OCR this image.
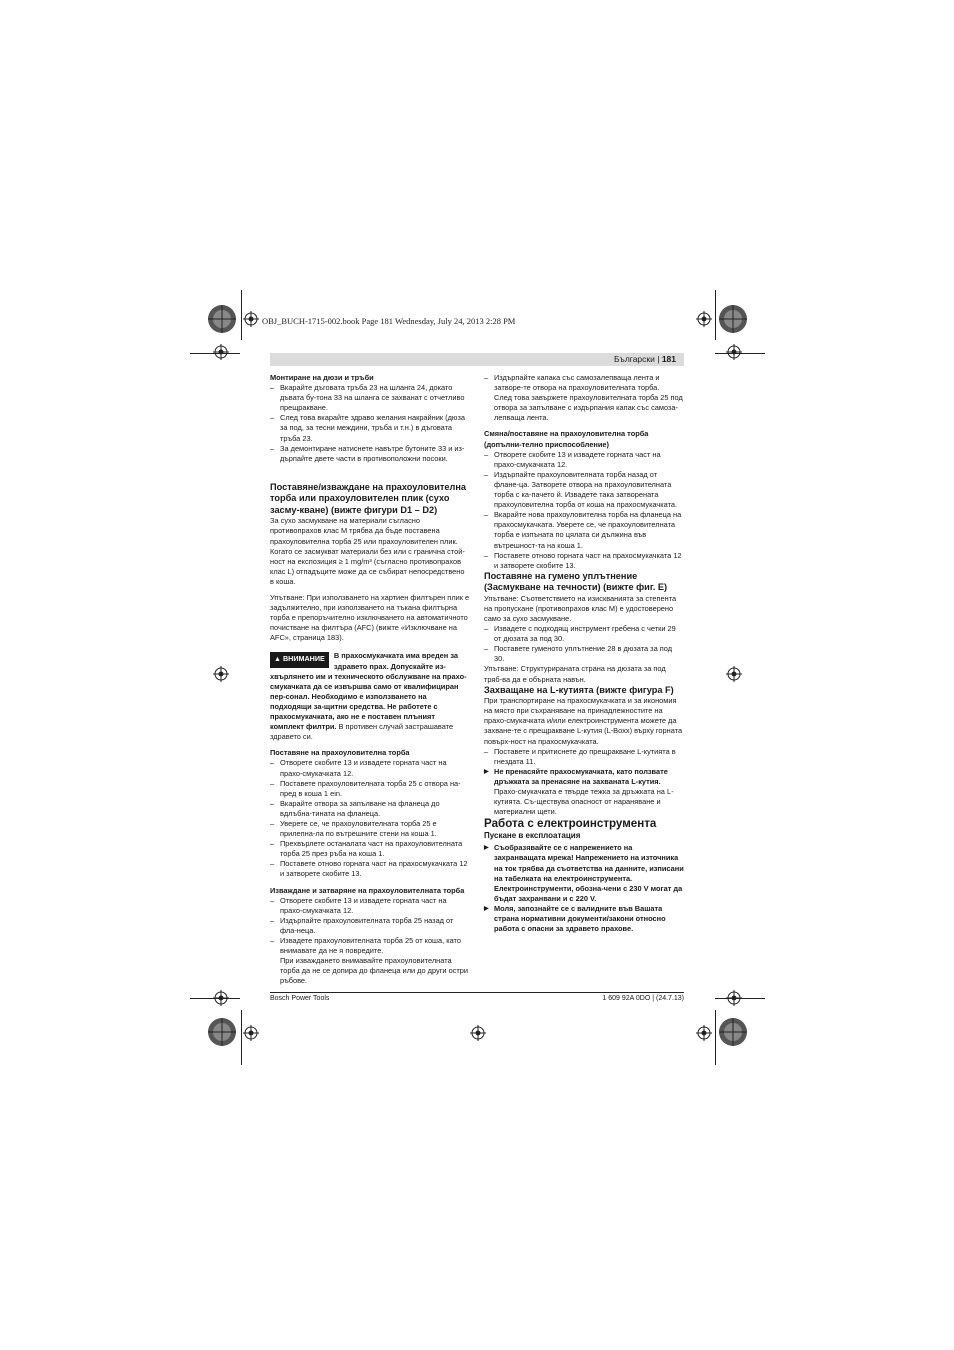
OBJ_BUCH-1715-002.book Page 181 Wednesday, July 24, 2013 2:28 PM
Български | 181

Монтиране на дюзи и тръби

– Вкарайте дъговата тръба 23 на шланга 24, докато дъвата бу-тона 33 на шланга се захванат с отчетливо прещракване.
– След това вкарайте здраво желания накрайник (дюза за под, за тесни междини, тръба и т.н.) в дъговата тръба 23.
– За демонтиране натиснете навътре бутоните 33 и из-дърпайте двете части в противоположни посоки.

Поставяне/изваждане на прахоуловителна торба или прахоуловителен плик (сухо засму-кване) (вижте фигури D1 – D2)

За сухо засмукване на материали съгласно противопрахов клас M трябва да бъде поставена прахоуловителна торба 25 или прахоуловителен плик.

Когато се засмукват материали без или с гранична стой-ност на експозиция ≥ 1 mg/m³ (съгласно противопрахов клас L) отпадъците може да се събират непосредствено в коша.

Упътване: При използването на хартиен филтърен плик е задължително, при използването на тъкана филтърна торба е препоръчително изключването на автоматичното почистване на филтъра (AFC) (вижте «Изключване на AFC», страница 183).

▲ ВНИМАНИЕ	В прахосмукачката има вреден за здравето прах. Допускайте из-хвърлянето им и техническото обслужване на прахо-смукачката да се извършва само от квалифициран пер-сонал. Необходимо е използването на подходящи за-щитни средства. Не работете с прахосмукачката, ако не е поставен плъният комплект филтри. В противен случай застрашавате здравето си.

Поставяне на прахоуловителна торба

– Отворете скобите 13 и извадете горната част на прахо-смукачката 12.
– Поставете прахоуловителната торба 25 с отвора на-пред в коша 1 ein.
– Вкарайте отвора за запълване на фланеца до вдлъбна-тината на фланеца.
– Уверете се, че прахоуловителната торба 25 е прилепна-ла по вътрешните стени на коша 1.
– Прехвърлете останалата част на прахоуловителната торба 25 през ръба на коша 1.
– Поставете отново горната част на прахосмукачката 12 и затворете скобите 13.

Изваждане и затваряне на прахоуловителната торба

– Отворете скобите 13 и извадете горната част на прахо-смукачката 12.
– Издърпайте прахоуловителната торба 25 назад от фла-неца.
– Извадете прахоуловителната торба 25 от коша, като внимавате да не я повредите.
При изваждането внимавайте прахоуловителната торба да не се допира до фланеца или до други остри ръбове.
– Издърпайте капака със самозалепваща лента и затворе-те отвора на прахоуловителната торба.
След това завържете прахоуловителната торба 25 под отвора за запълване с издърпания капак със самоза-лепваща лента.

Смяна/поставяне на прахоуловителна торба (допълни-телно приспособление)

– Отворете скобите 13 и извадете горната част на прахо-смукачката 12.
– Издърпайте прахоуловителната торба назад от фланe-ца. Затворете отвора на прахоуловителната торба с ка-пачето й. Извадете така затворената прахоуловителна торба от коша на прахосмукачката.
– Вкарайте нова прахоуловителна торба на фланеца на прахосмукачката. Уверете се, че прахоуловителната торба е изпъната по цялата си дължина във вътрешност-та на коша 1.
– Поставете отново горната част на прахосмукачката 12 и затворете скобите 13.

Поставяне на гумено уплътнение (Засмукване на течности) (вижте фиг. E)

Упътване: Съответствието на изискванията за степента на пропускане (противопрахов клас M) е удостоверено само за сухо засмукване.

– Извадете с подходящ инструмент гребена с четки 29 от дюзата за под 30.
– Поставете гуменото уплътнение 28 в дюзата за под 30.

Упътване: Структурираната страна на дюзата за под тряб-ва да е обърната навън.

Захващане на L-кутията (вижте фигура F)

При транспортиране на прахосмукачката и за икономия на място при съхраняване на принадлежностите на прахо-смукачката и/или електроинструмента можете да захване-те с прещракване L-кутия (L-Boxx) върху горната повърх-ност на прахосмукачката.

– Поставете и притиснете до прещракване L-кутията в гнездата 11.
▶ Не пренасяйте прахосмукачката, като ползвате дръжката за пренасяне на захваната L-кутия. Прахо-смукачката е твърде тежка за дръжката на L-кутията. Съ-ществува опасност от нараняване и материални щети.

Работа с електроинструмента

Пускане в експлоатация

▶ Съобразявайте се с напрежението на захранващата мрежа! Напрежението на източника на ток трябва да съответства на данните, изписани на табелката на електроинструмента. Електроинструменти, обозна-чени с 230 V могат да бъдат захранвани и с 220 V.
▶ Моля, запознайте се с валидните във Вашата страна нормативни документи/закони относно работа с опасни за здравето прахове.
Bosch Power Tools	1 609 92A 0DO | (24.7.13)
